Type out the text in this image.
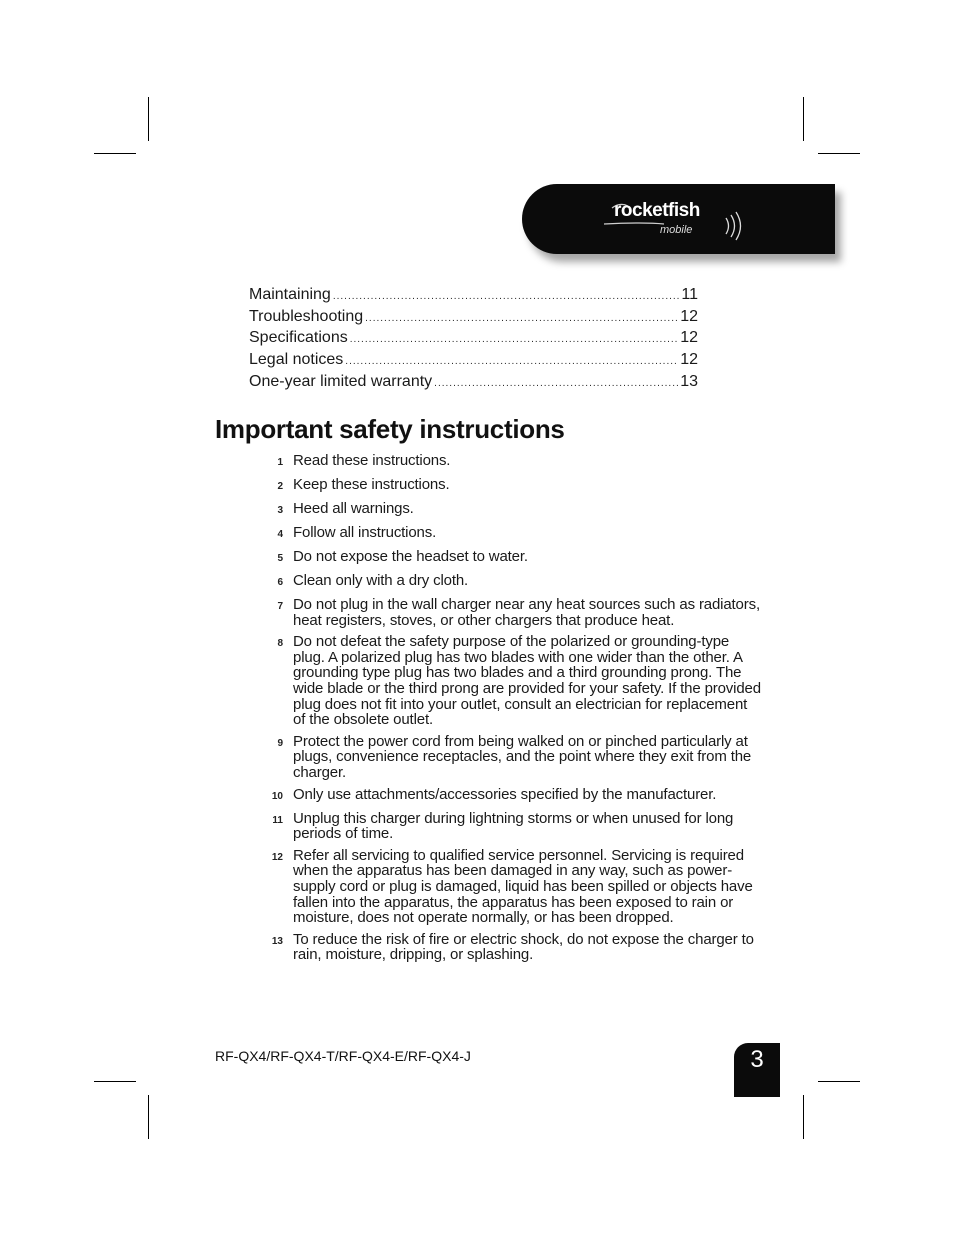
rocketfish
mobile
Maintaining .....	11
Troubleshooting .....	12
Specifications .....	12
Legal notices .....	12
One-year limited warranty .....	13
Important safety instructions
1 Read these instructions.
2 Keep these instructions.
3 Heed all warnings.
4 Follow all instructions.
5 Do not expose the headset to water.
6 Clean only with a dry cloth.
7 Do not plug in the wall charger near any heat sources such as radiators, heat registers, stoves, or other chargers that produce heat.
8 Do not defeat the safety purpose of the polarized or grounding-type plug. A polarized plug has two blades with one wider than the other. A grounding type plug has two blades and a third grounding prong. The wide blade or the third prong are provided for your safety. If the provided plug does not fit into your outlet, consult an electrician for replacement of the obsolete outlet.
9 Protect the power cord from being walked on or pinched particularly at plugs, convenience receptacles, and the point where they exit from the charger.
10 Only use attachments/accessories specified by the manufacturer.
11 Unplug this charger during lightning storms or when unused for long periods of time.
12 Refer all servicing to qualified service personnel. Servicing is required when the apparatus has been damaged in any way, such as power-supply cord or plug is damaged, liquid has been spilled or objects have fallen into the apparatus, the apparatus has been exposed to rain or moisture, does not operate normally, or has been dropped.
13 To reduce the risk of fire or electric shock, do not expose the charger to rain, moisture, dripping, or splashing.
RF-QX4/RF-QX4-T/RF-QX4-E/RF-QX4-J	3
